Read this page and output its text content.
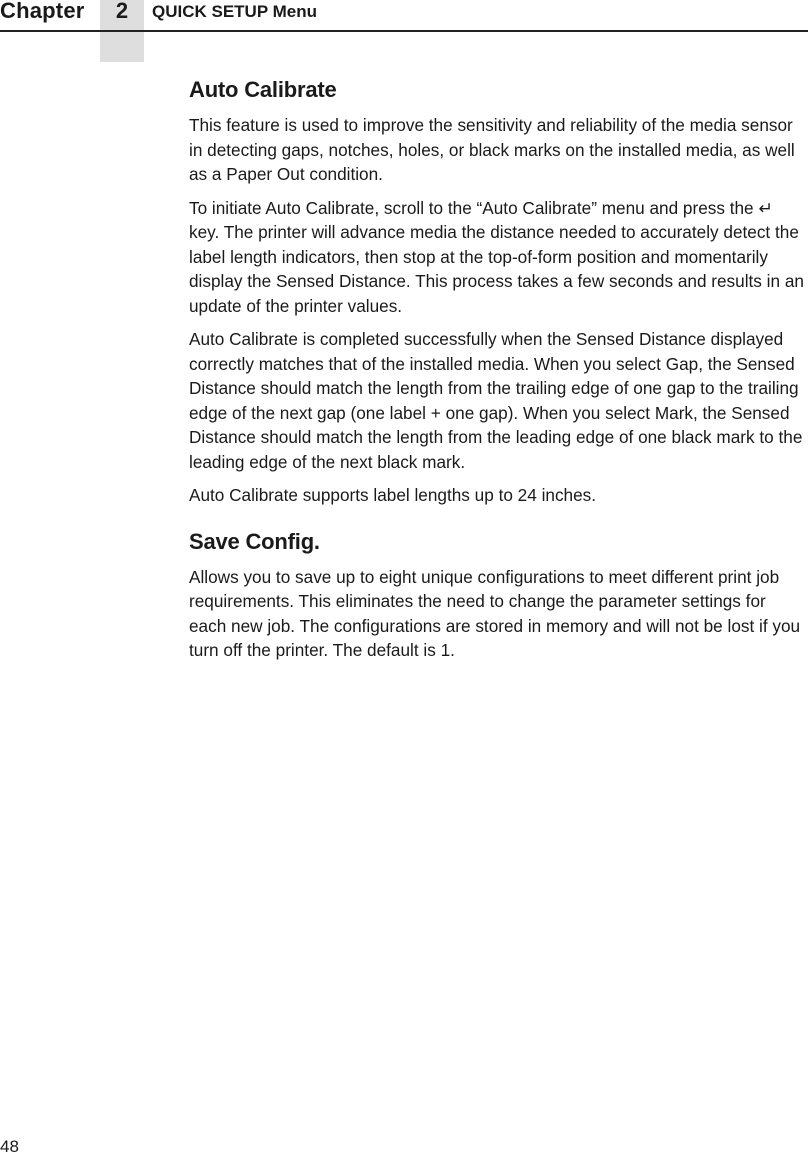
Chapter	2	QUICK SETUP Menu
Auto Calibrate

This feature is used to improve the sensitivity and reliability of the media sensor in detecting gaps, notches, holes, or black marks on the installed media, as well as a Paper Out condition.

To initiate Auto Calibrate, scroll to the “Auto Calibrate” menu and press the ↵ key. The printer will advance media the distance needed to accurately detect the label length indicators, then stop at the top-of-form position and momentarily display the Sensed Distance. This process takes a few seconds and results in an update of the printer values.

Auto Calibrate is completed successfully when the Sensed Distance displayed correctly matches that of the installed media. When you select Gap, the Sensed Distance should match the length from the trailing edge of one gap to the trailing edge of the next gap (one label + one gap). When you select Mark, the Sensed Distance should match the length from the leading edge of one black mark to the leading edge of the next black mark.

Auto Calibrate supports label lengths up to 24 inches.

Save Config.

Allows you to save up to eight unique configurations to meet different print job requirements. This eliminates the need to change the parameter settings for each new job. The configurations are stored in memory and will not be lost if you turn off the printer. The default is 1.

48
